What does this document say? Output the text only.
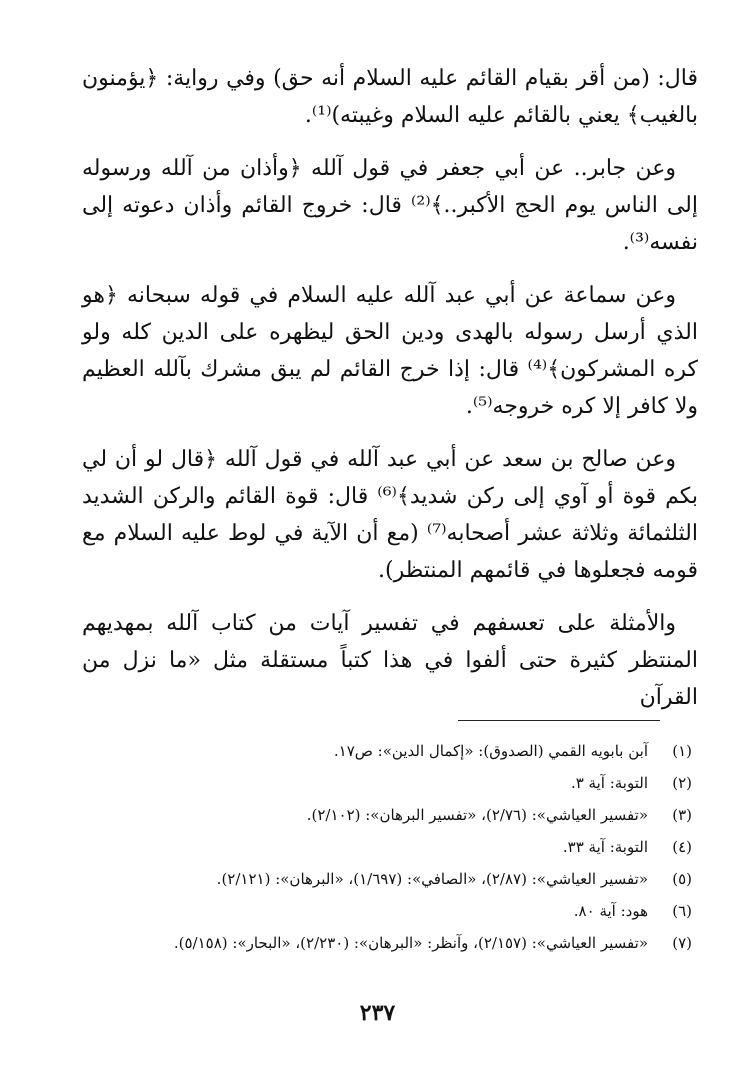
قال: (من أقر بقيام القائم عليه السلام أنه حق) وفي رواية: ﴿يؤمنون بالغيب﴾ يعني بالقائم عليه السلام وغيبته)⁽¹⁾.

وعن جابر.. عن أبي جعفر في قول آلله ﴿وأذان من آلله ورسوله إلى الناس يوم الحج الأكبر..﴾⁽²⁾ قال: خروج القائم وأذان دعوته إلى نفسه⁽³⁾.

وعن سماعة عن أبي عبد آلله عليه السلام في قوله سبحانه ﴿هو الذي أرسل رسوله بالهدى ودين الحق ليظهره على الدين كله ولو كره المشركون﴾⁽⁴⁾ قال: إذا خرج القائم لم يبق مشرك بآلله العظيم ولا كافر إلا كره خروجه⁽⁵⁾.

وعن صالح بن سعد عن أبي عبد آلله في قول آلله ﴿قال لو أن لي بكم قوة أو آوي إلى ركن شديد﴾⁽⁶⁾ قال: قوة القائم والركن الشديد الثلثمائة وثلاثة عشر أصحابه⁽⁷⁾ (مع أن الآية في لوط عليه السلام مع قومه فجعلوها في قائمهم المنتظر).

والأمثلة على تعسفهم في تفسير آيات من كتاب آلله بمهديهم المنتظر كثيرة حتى ألفوا في هذا كتباً مستقلة مثل «ما نزل من القرآن

(١)
آبن بابويه القمي (الصدوق): «إكمال الدين»: ص١٧.
(٢)
التوبة: آية ٣.
(٣)
«تفسير العياشي»: (٢/٧٦)، «تفسير البرهان»: (٢/١٠٢).
(٤)
التوبة: آية ٣٣.
(٥)
«تفسير العياشي»: (٢/٨٧)، «الصافي»: (١/٦٩٧)، «البرهان»: (٢/١٢١).
(٦)
هود: آية ٨٠.
(٧)
«تفسير العياشي»: (٢/١٥٧)، وآنظر: «البرهان»: (٢/٢٣٠)، «البحار»: (٥/١٥٨).
٢٣٧
